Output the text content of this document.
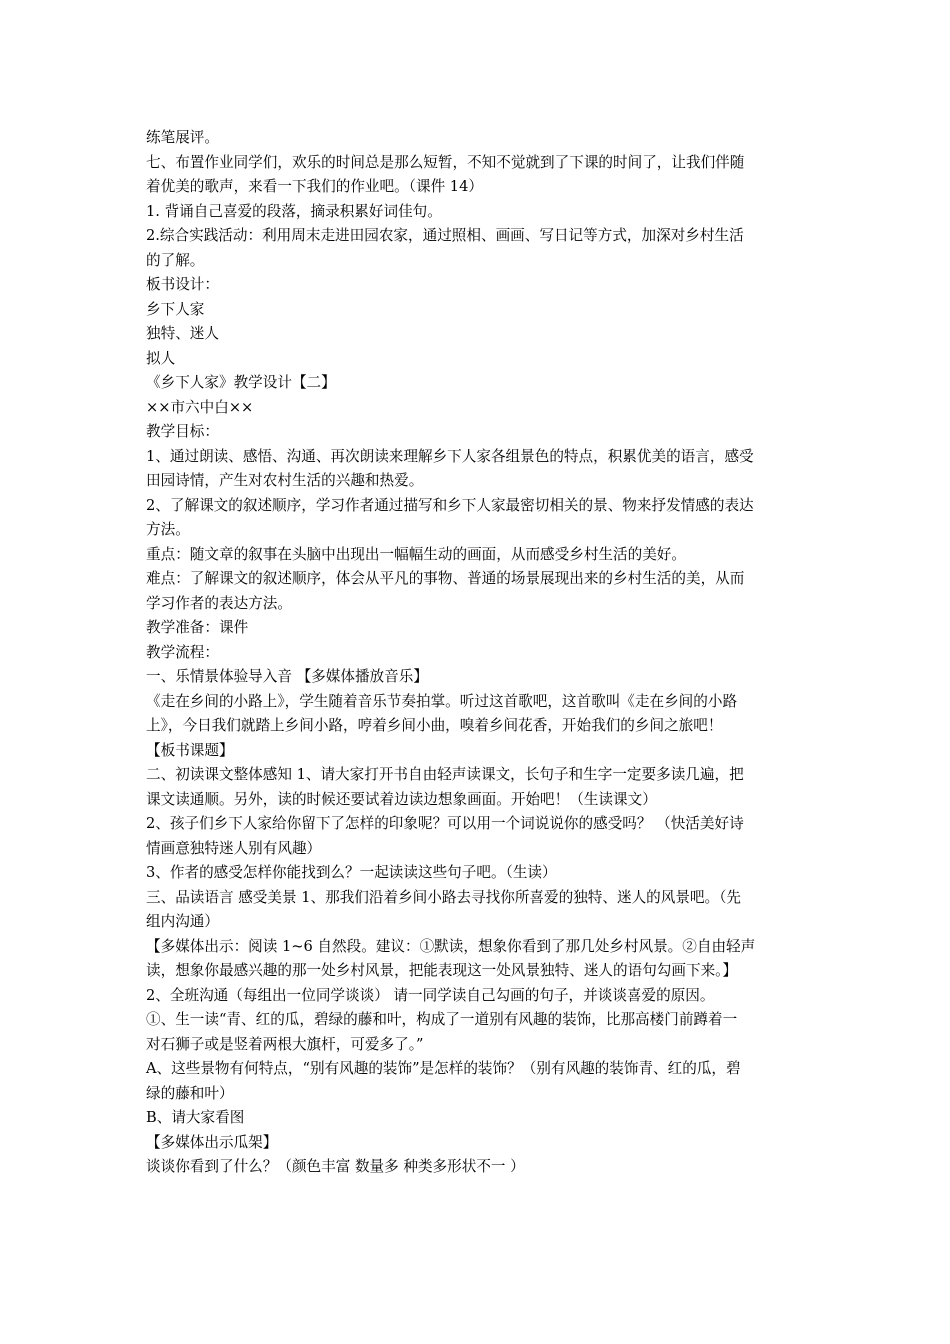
练笔展评。
七、布置作业同学们，欢乐的时间总是那么短暂，不知不觉就到了下课的时间了，让我们伴随
着优美的歌声，来看一下我们的作业吧。（课件 14）
1. 背诵自己喜爱的段落，摘录积累好词佳句。
2.综合实践活动：利用周末走进田园农家，通过照相、画画、写日记等方式，加深对乡村生活
的了解。
板书设计：
乡下人家
独特、迷人
拟人
《乡下人家》教学设计【二】
××市六中白××
教学目标：
1、通过朗读、感悟、沟通、再次朗读来理解乡下人家各组景色的特点，积累优美的语言，感受
田园诗情，产生对农村生活的兴趣和热爱。
2、了解课文的叙述顺序，学习作者通过描写和乡下人家最密切相关的景、物来抒发情感的表达
方法。
重点：随文章的叙事在头脑中出现出一幅幅生动的画面，从而感受乡村生活的美好。
难点：了解课文的叙述顺序，体会从平凡的事物、普通的场景展现出来的乡村生活的美，从而
学习作者的表达方法。
教学准备：课件
教学流程：
一、乐情景体验导入音 【多媒体播放音乐】
《走在乡间的小路上》，学生随着音乐节奏拍掌。听过这首歌吧，这首歌叫《走在乡间的小路
上》，今日我们就踏上乡间小路，哼着乡间小曲，嗅着乡间花香，开始我们的乡间之旅吧！
【板书课题】
二、初读课文整体感知 1、请大家打开书自由轻声读课文，长句子和生字一定要多读几遍，把
课文读通顺。另外，读的时候还要试着边读边想象画面。开始吧！（生读课文）
2、孩子们乡下人家给你留下了怎样的印象呢？可以用一个词说说你的感受吗？ （快活美好诗
情画意独特迷人别有风趣）
3、作者的感受怎样你能找到么？一起读读这些句子吧。（生读）
三、品读语言 感受美景 1、那我们沿着乡间小路去寻找你所喜爱的独特、迷人的风景吧。（先
组内沟通）
【多媒体出示：阅读 1~6 自然段。建议：①默读，想象你看到了那几处乡村风景。②自由轻声
读，想象你最感兴趣的那一处乡村风景，把能表现这一处风景独特、迷人的语句勾画下来。】
2、全班沟通（每组出一位同学谈谈） 请一同学读自己勾画的句子，并谈谈喜爱的原因。
①、生一读“青、红的瓜，碧绿的藤和叶，构成了一道别有风趣的装饰，比那高楼门前蹲着一
对石狮子或是竖着两根大旗杆，可爱多了。”
A、这些景物有何特点，“别有风趣的装饰”是怎样的装饰？（别有风趣的装饰青、红的瓜，碧
绿的藤和叶）
B、请大家看图
【多媒体出示瓜架】
谈谈你看到了什么？（颜色丰富 数量多 种类多形状不一 ）
